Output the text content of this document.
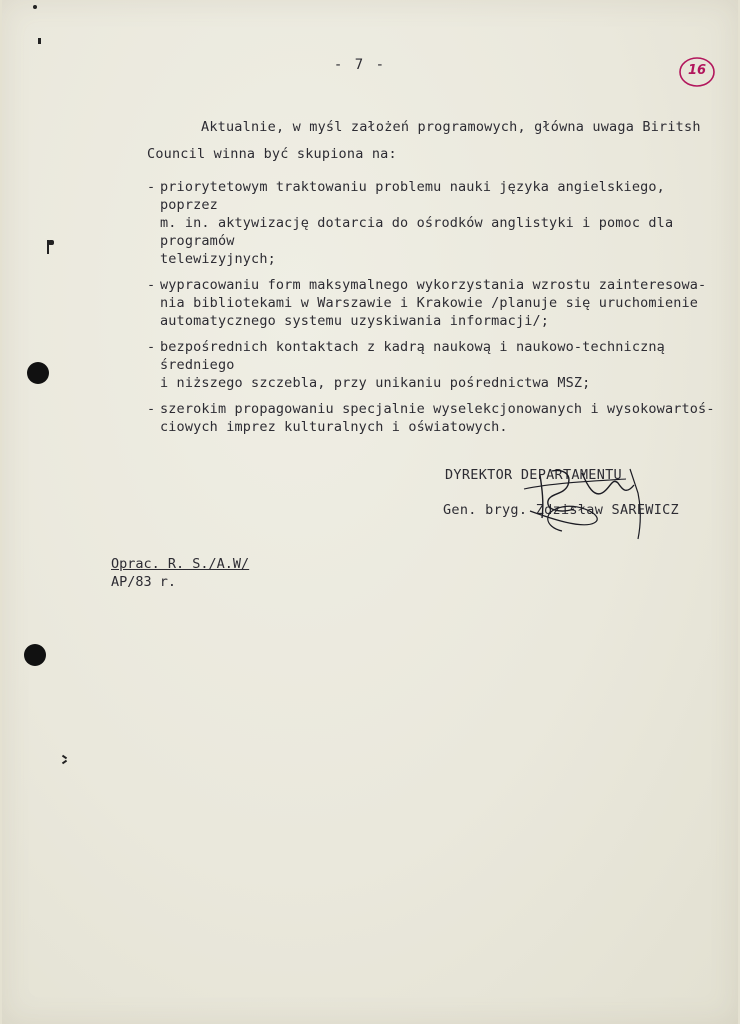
- 7 -	16
Aktualnie, w myśl założeń programowych, główna uwaga Biritsh
Council winna być skupiona na:
- priorytetowym traktowaniu problemu nauki języka angielskiego, poprzez
m. in. aktywizację dotarcia do ośrodków anglistyki i pomoc dla programów
telewizyjnych;
- wypracowaniu form maksymalnego wykorzystania wzrostu zainteresowa-
nia bibliotekami w Warszawie i Krakowie /planuje się uruchomienie
automatycznego systemu uzyskiwania informacji/;
- bezpośrednich kontaktach z kadrą naukową i naukowo-techniczną średniego
i niższego szczebla, przy unikaniu pośrednictwa MSZ;
- szerokim propagowaniu specjalnie wyselekcjonowanych i wysokowartoś-
ciowych imprez kulturalnych i oświatowych.
DYREKTOR DEPARTAMENTU
Gen. bryg. Zdzisław SAREWICZ
Oprac. R. S./A.W/
AP/83 r.
